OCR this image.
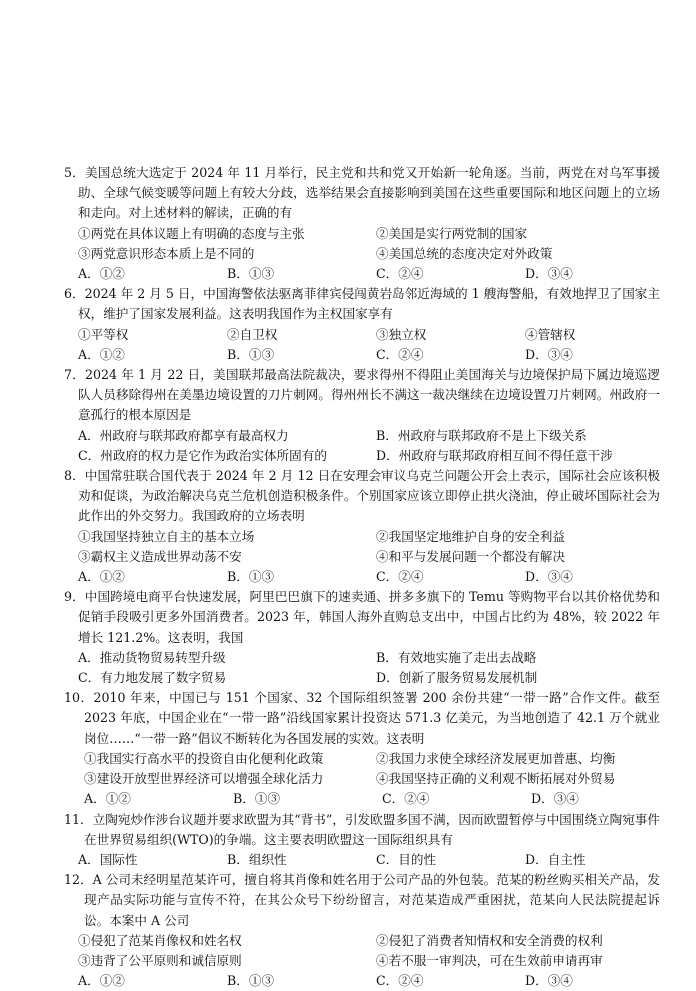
5．美国总统大选定于 2024 年 11 月举行，民主党和共和党又开始新一轮角逐。当前，两党在对乌军事援助、全球气候变暖等问题上有较大分歧，选举结果会直接影响到美国在这些重要国际和地区问题上的立场和走向。对上述材料的解读，正确的有

①两党在具体议题上有明确的态度与主张	②美国是实行两党制的国家
③两党意识形态本质上是不同的	④美国总统的态度决定对外政策
A．①②	B．①③	C．②④	D．③④

6．2024 年 2 月 5 日，中国海警依法驱离菲律宾侵闯黄岩岛邻近海域的 1 艘海警船，有效地捍卫了国家主权，维护了国家发展利益。这表明我国作为主权国家享有

①平等权	②自卫权	③独立权	④管辖权
A．①②	B．①③	C．②④	D．③④

7．2024 年 1 月 22 日，美国联邦最高法院裁决，要求得州不得阻止美国海关与边境保护局下属边境巡逻队人员移除得州在美墨边境设置的刀片刺网。得州州长不满这一裁决继续在边境设置刀片刺网。州政府一意孤行的根本原因是

A．州政府与联邦政府都享有最高权力	B．州政府与联邦政府不是上下级关系
C．州政府的权力是它作为政治实体所固有的	D．州政府与联邦政府相互间不得任意干涉

8．中国常驻联合国代表于 2024 年 2 月 12 日在安理会审议乌克兰问题公开会上表示，国际社会应该积极劝和促谈，为政治解决乌克兰危机创造积极条件。个别国家应该立即停止拱火浇油，停止破坏国际社会为此作出的外交努力。我国政府的立场表明

①我国坚持独立自主的基本立场	②我国坚定地维护自身的安全利益
③霸权主义造成世界动荡不安	④和平与发展问题一个都没有解决
A．①②	B．①③	C．②④	D．③④

9．中国跨境电商平台快速发展，阿里巴巴旗下的速卖通、拼多多旗下的 Temu 等购物平台以其价格优势和促销手段吸引更多外国消费者。2023 年，韩国人海外直购总支出中，中国占比约为 48%，较 2022 年增长 121.2%。这表明，我国

A．推动货物贸易转型升级	B．有效地实施了走出去战略
C．有力地发展了数字贸易	D．创新了服务贸易发展机制

10．2010 年来，中国已与 151 个国家、32 个国际组织签署 200 余份共建“一带一路”合作文件。截至 2023 年底，中国企业在“一带一路”沿线国家累计投资达 571.3 亿美元，为当地创造了 42.1 万个就业岗位……“一带一路”倡议不断转化为各国发展的实效。这表明

①我国实行高水平的投资自由化便利化政策	②我国力求使全球经济发展更加普惠、均衡
③建设开放型世界经济可以增强全球化活力	④我国坚持正确的义利观不断拓展对外贸易
A．①②	B．①③	C．②④	D．③④

11．立陶宛炒作涉台议题并要求欧盟为其“背书”，引发欧盟多国不满，因而欧盟暂停与中国围绕立陶宛事件在世界贸易组织(WTO)的争端。这主要表明欧盟这一国际组织具有

A．国际性	B．组织性	C．目的性	D．自主性

12．A 公司未经明星范某许可，擅自将其肖像和姓名用于公司产品的外包装。范某的粉丝购买相关产品，发现产品实际功能与宣传不符，在其公众号下纷纷留言，对范某造成严重困扰，范某向人民法院提起诉讼。本案中 A 公司

①侵犯了范某肖像权和姓名权	②侵犯了消费者知情权和安全消费的权利
③违背了公平原则和诚信原则	④若不服一审判决，可在生效前申请再审
A．①②	B．①③	C．②④	D．③④
